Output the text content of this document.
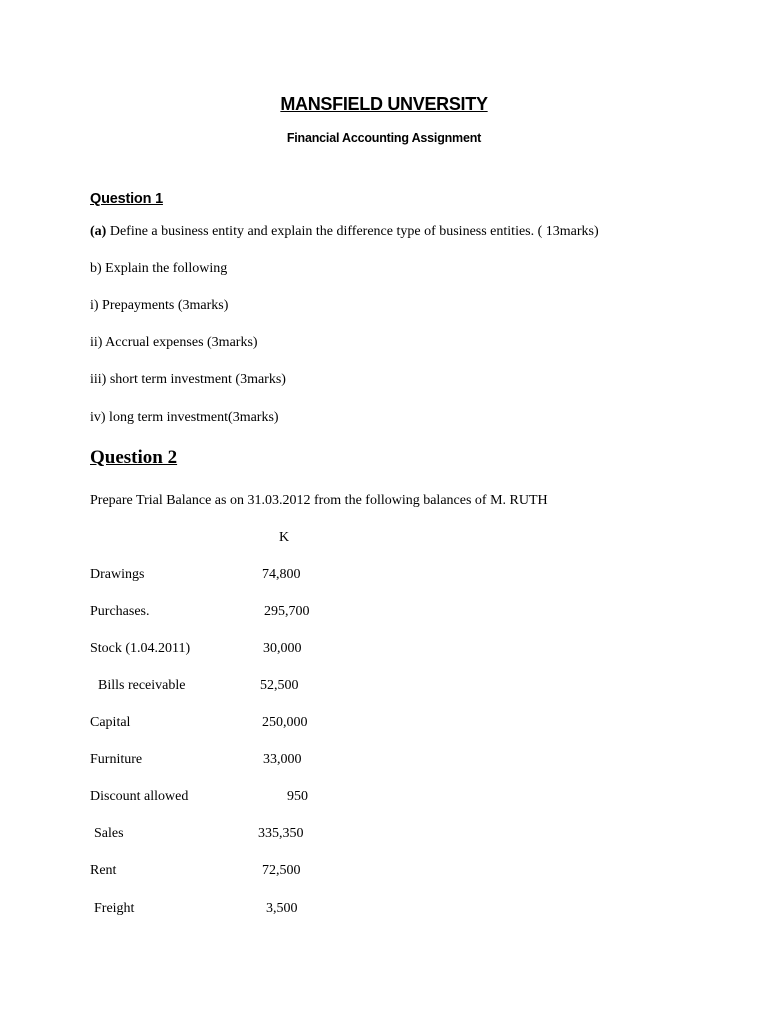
MANSFIELD UNVERSITY
Financial Accounting Assignment
Question 1
(a) Define a business entity and explain the difference type of business entities. ( 13marks)
b) Explain the following
i) Prepayments (3marks)
ii) Accrual expenses (3marks)
iii) short term investment (3marks)
iv) long term investment(3marks)
Question 2
Prepare Trial Balance as on 31.03.2012 from the following balances of M. RUTH
K
Drawings	74,800
Purchases.	295,700
Stock (1.04.2011)	30,000
Bills receivable	52,500
Capital	250,000
Furniture	33,000
Discount allowed	950
Sales	335,350
Rent	72,500
Freight	3,500
